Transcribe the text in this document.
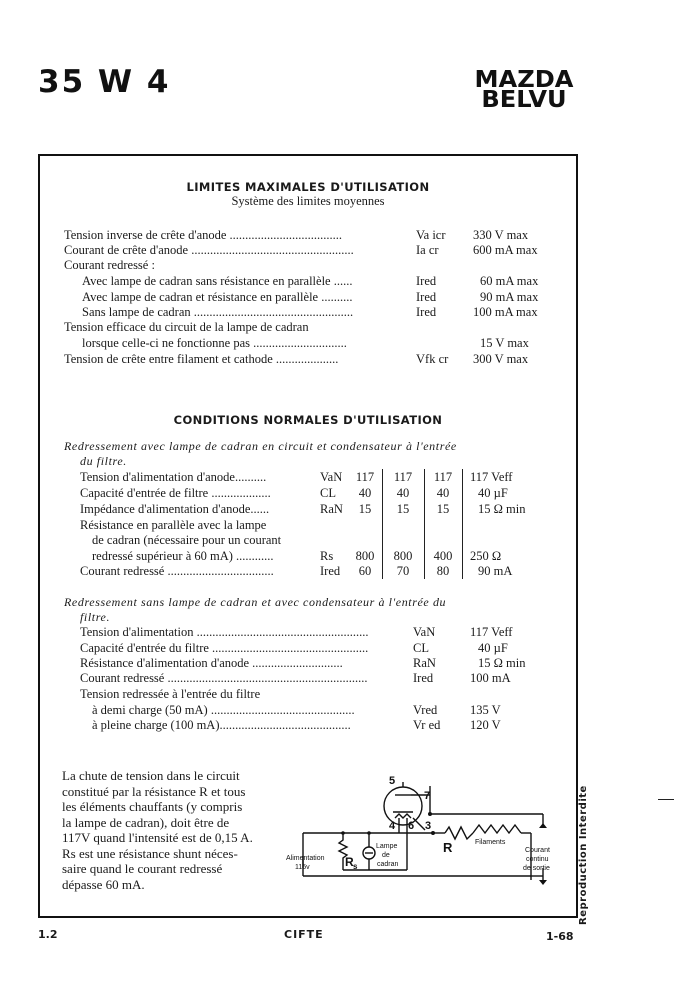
35 W 4	MAZDA
BELVU
LIMITES MAXIMALES D'UTILISATION
Système des limites moyennes
Tension inverse de crête d'anode ....................................	Va icr 330 V max
Courant de crête d'anode ....................................................	Ia cr	600 mA max
Courant redressé :
Avec lampe de cadran sans résistance en parallèle ......	Ired	60 mA max
Avec lampe de cadran et résistance en parallèle ..........	Ired	90 mA max
Sans lampe de cadran ...................................................	Ired	100 mA max
Tension efficace du circuit de la lampe de cadran
lorsque celle-ci ne fonctionne pas ..............................	15 V max
Tension de crête entre filament et cathode ....................	Vfk cr 300 V max
CONDITIONS NORMALES D'UTILISATION
Redressement avec lampe de cadran en circuit et condensateur à l'entrée
du filtre.
Tension d'alimentation d'anode..........	VaN	117	117	117	117 Veff
Capacité d'entrée de filtre ...................	CL	40	40	40	40 µF
Impédance d'alimentation d'anode......	RaN	15	15	15	15 Ω min
Résistance en parallèle avec la lampe
de cadran (nécessaire pour un courant
redressé supérieur à 60 mA) ............	Rs	800	800	400	250 Ω
Courant redressé ..................................	Ired	60	70	80	90 mA
Redressement sans lampe de cadran et avec condensateur à l'entrée du
filtre.
Tension d'alimentation .......................................................	VaN	117 Veff
Capacité d'entrée du filtre ..................................................	CL	40 µF
Résistance d'alimentation d'anode .............................	RaN	15 Ω min
Courant redressé ................................................................	Ired	100 mA
Tension redressée à l'entrée du filtre
à demi charge (50 mA) ..............................................	Vred	135 V
à pleine charge (100 mA)..........................................	Vr ed 120 V
La chute de tension dans le circuit
constitué par la résistance R et tous
les éléments chauffants (y compris
la lampe de cadran), doit être de
117V quand l'intensité est de 0,15 A.
Rs est une résistance shunt néces-
saire quand le courant redressé
dépasse 60 mA.
5
7
4 6 3
R s
R
Alimentation
115v
Lampe
de
cadran
Filaments
Courant
continu
de sortie
1.2	CIFTE	1-68
Reproduction Interdite
